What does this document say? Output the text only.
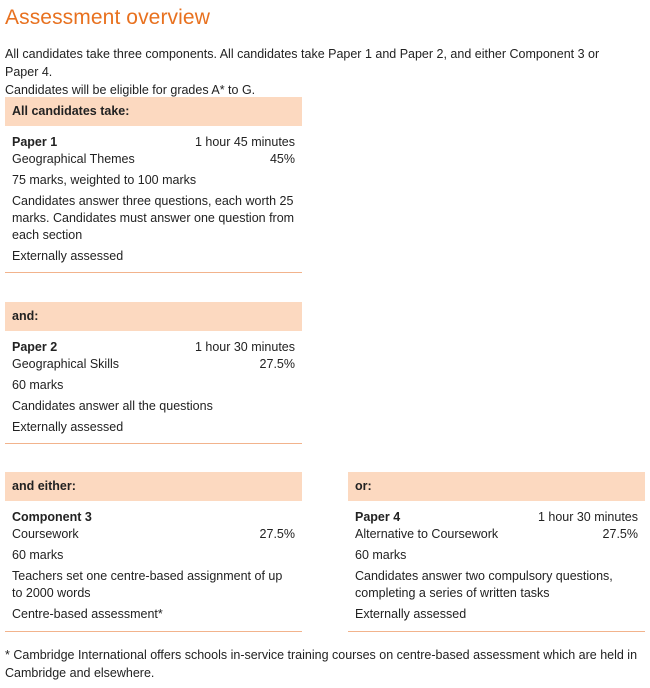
Assessment overview

All candidates take three components. All candidates take Paper 1 and Paper 2, and either Component 3 or Paper 4.

Candidates will be eligible for grades A* to G.

All candidates take:
Paper 1	1 hour 45 minutes
Geographical Themes	45%
75 marks, weighted to 100 marks
Candidates answer three questions, each worth 25 marks. Candidates must answer one question from each section
Externally assessed
and:
Paper 2	1 hour 30 minutes
Geographical Skills	27.5%
60 marks
Candidates answer all the questions
Externally assessed
and either:
Component 3
Coursework	27.5%
60 marks
Teachers set one centre-based assignment of up to 2000 words
Centre-based assessment*
or:
Paper 4	1 hour 30 minutes
Alternative to Coursework	27.5%
60 marks
Candidates answer two compulsory questions, completing a series of written tasks
Externally assessed

* Cambridge International offers schools in-service training courses on centre-based assessment which are held in

Cambridge and elsewhere.
